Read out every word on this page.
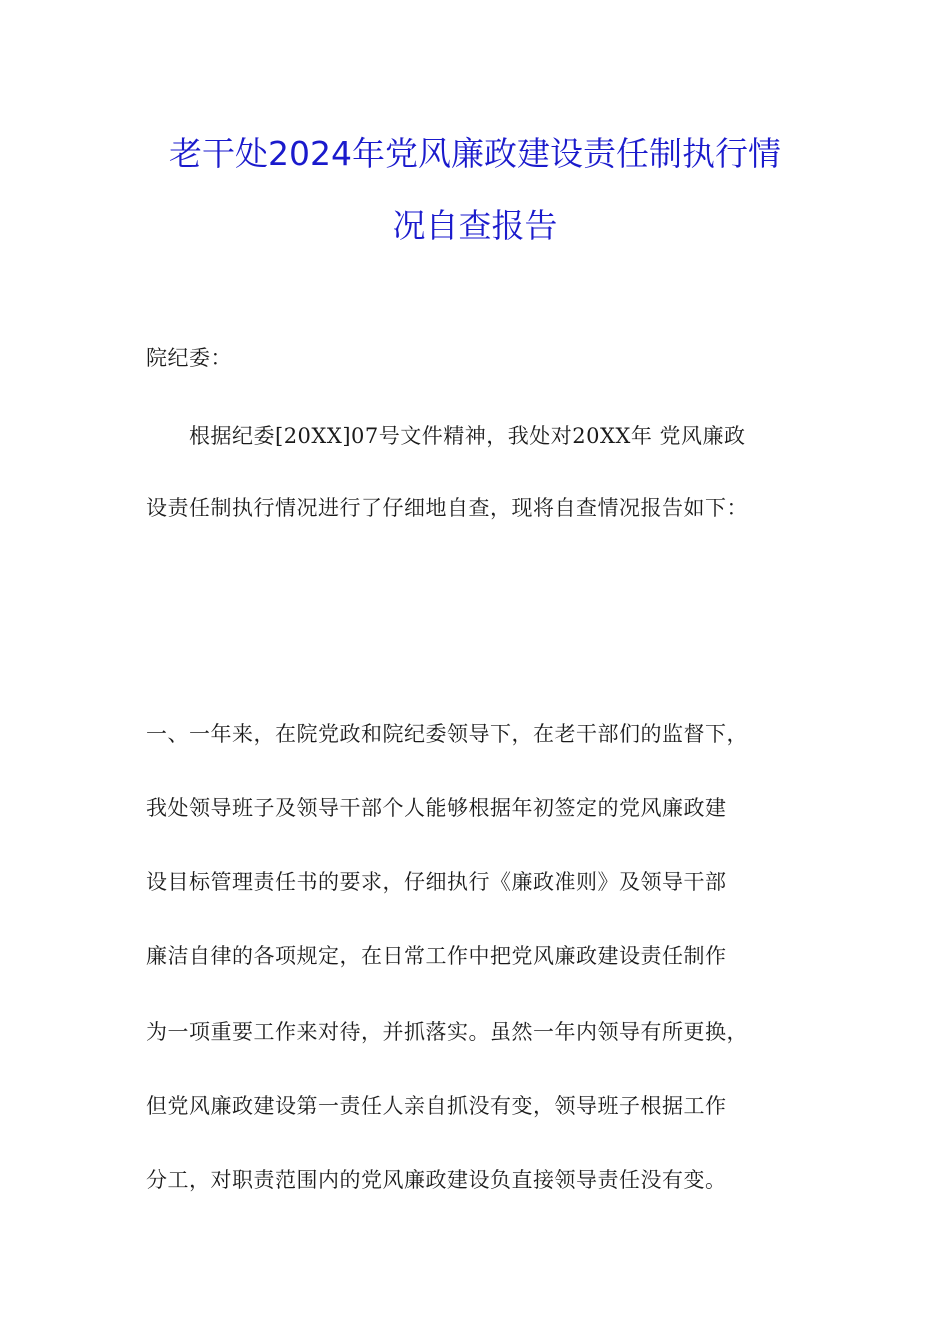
老干处2024年党风廉政建设责任制执行情
况自查报告
院纪委：
　　根据纪委[20XX]07号文件精神，我处对20XX年 党风廉政
设责任制执行情况进行了仔细地自查，现将自查情况报告如下：
一、一年来，在院党政和院纪委领导下，在老干部们的监督下，
我处领导班子及领导干部个人能够根据年初签定的党风廉政建
设目标管理责任书的要求，仔细执行《廉政准则》及领导干部
廉洁自律的各项规定，在日常工作中把党风廉政建设责任制作
为一项重要工作来对待，并抓落实。虽然一年内领导有所更换，
但党风廉政建设第一责任人亲自抓没有变，领导班子根据工作
分工，对职责范围内的党风廉政建设负直接领导责任没有变。
